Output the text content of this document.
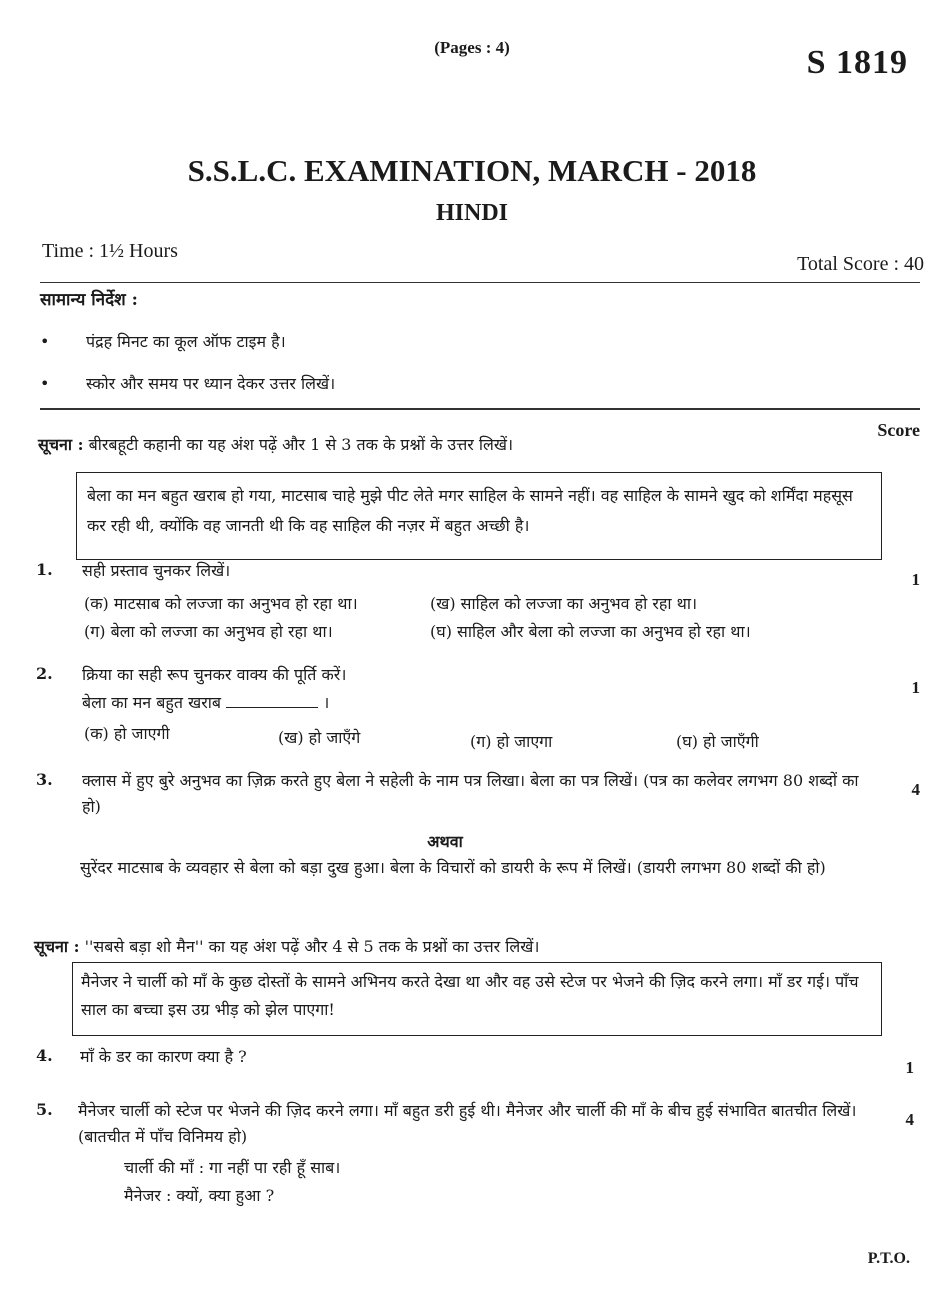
(Pages : 4)	S 1819
S.S.L.C. EXAMINATION, MARCH - 2018
HINDI
Time : 1½ Hours
Total Score : 40
सामान्य निर्देश :
• पंद्रह मिनट का कूल ऑफ टाइम है।
• स्कोर और समय पर ध्यान देकर उत्तर लिखें।
Score
सूचना : बीरबहूटी कहानी का यह अंश पढ़ें और 1 से 3 तक के प्रश्नों के उत्तर लिखें।
बेला का मन बहुत खराब हो गया, माटसाब चाहे मुझे पीट लेते मगर साहिल के सामने नहीं। वह साहिल के सामने खुद को शर्मिंदा महसूस कर रही थी, क्योंकि वह जानती थी कि वह साहिल की नज़र में बहुत अच्छी है।
1. सही प्रस्ताव चुनकर लिखें।	1
(क) माटसाब को लज्जा का अनुभव हो रहा था।	(ख) साहिल को लज्जा का अनुभव हो रहा था।
(ग) बेला को लज्जा का अनुभव हो रहा था।	(घ) साहिल और बेला को लज्जा का अनुभव हो रहा था।
2. क्रिया का सही रूप चुनकर वाक्य की पूर्ति करें।
1
बेला का मन बहुत खराब	।
(क) हो जाएगी	(ख) हो जाएँगे	(ग) हो जाएगा	(घ) हो जाएँगी
3. क्लास में हुए बुरे अनुभव का ज़िक्र करते हुए बेला ने सहेली के नाम पत्र लिखा। बेला का पत्र लिखें। (पत्र का कलेवर लगभग 80 शब्दों का हो)
4
अथवा
सुरेंदर माटसाब के व्यवहार से बेला को बड़ा दुख हुआ। बेला के विचारों को डायरी के रूप में लिखें। (डायरी लगभग 80 शब्दों की हो)
सूचना : ''सबसे बड़ा शो मैन'' का यह अंश पढ़ें और 4 से 5 तक के प्रश्नों का उत्तर लिखें।
मैनेजर ने चार्ली को माँ के कुछ दोस्तों के सामने अभिनय करते देखा था और वह उसे स्टेज पर भेजने की ज़िद करने लगा। माँ डर गई। पाँच साल का बच्चा इस उग्र भीड़ को झेल पाएगा!
4. माँ के डर का कारण क्या है ?
1
5. मैनेजर चार्ली को स्टेज पर भेजने की ज़िद करने लगा। माँ बहुत डरी हुई थी। मैनेजर और चार्ली की माँ के बीच हुई संभावित बातचीत लिखें। (बातचीत में पाँच विनिमय हो)
4
चार्ली की माँ : गा नहीं पा रही हूँ साब।
मैनेजर : क्यों, क्या हुआ ?
P.T.O.
